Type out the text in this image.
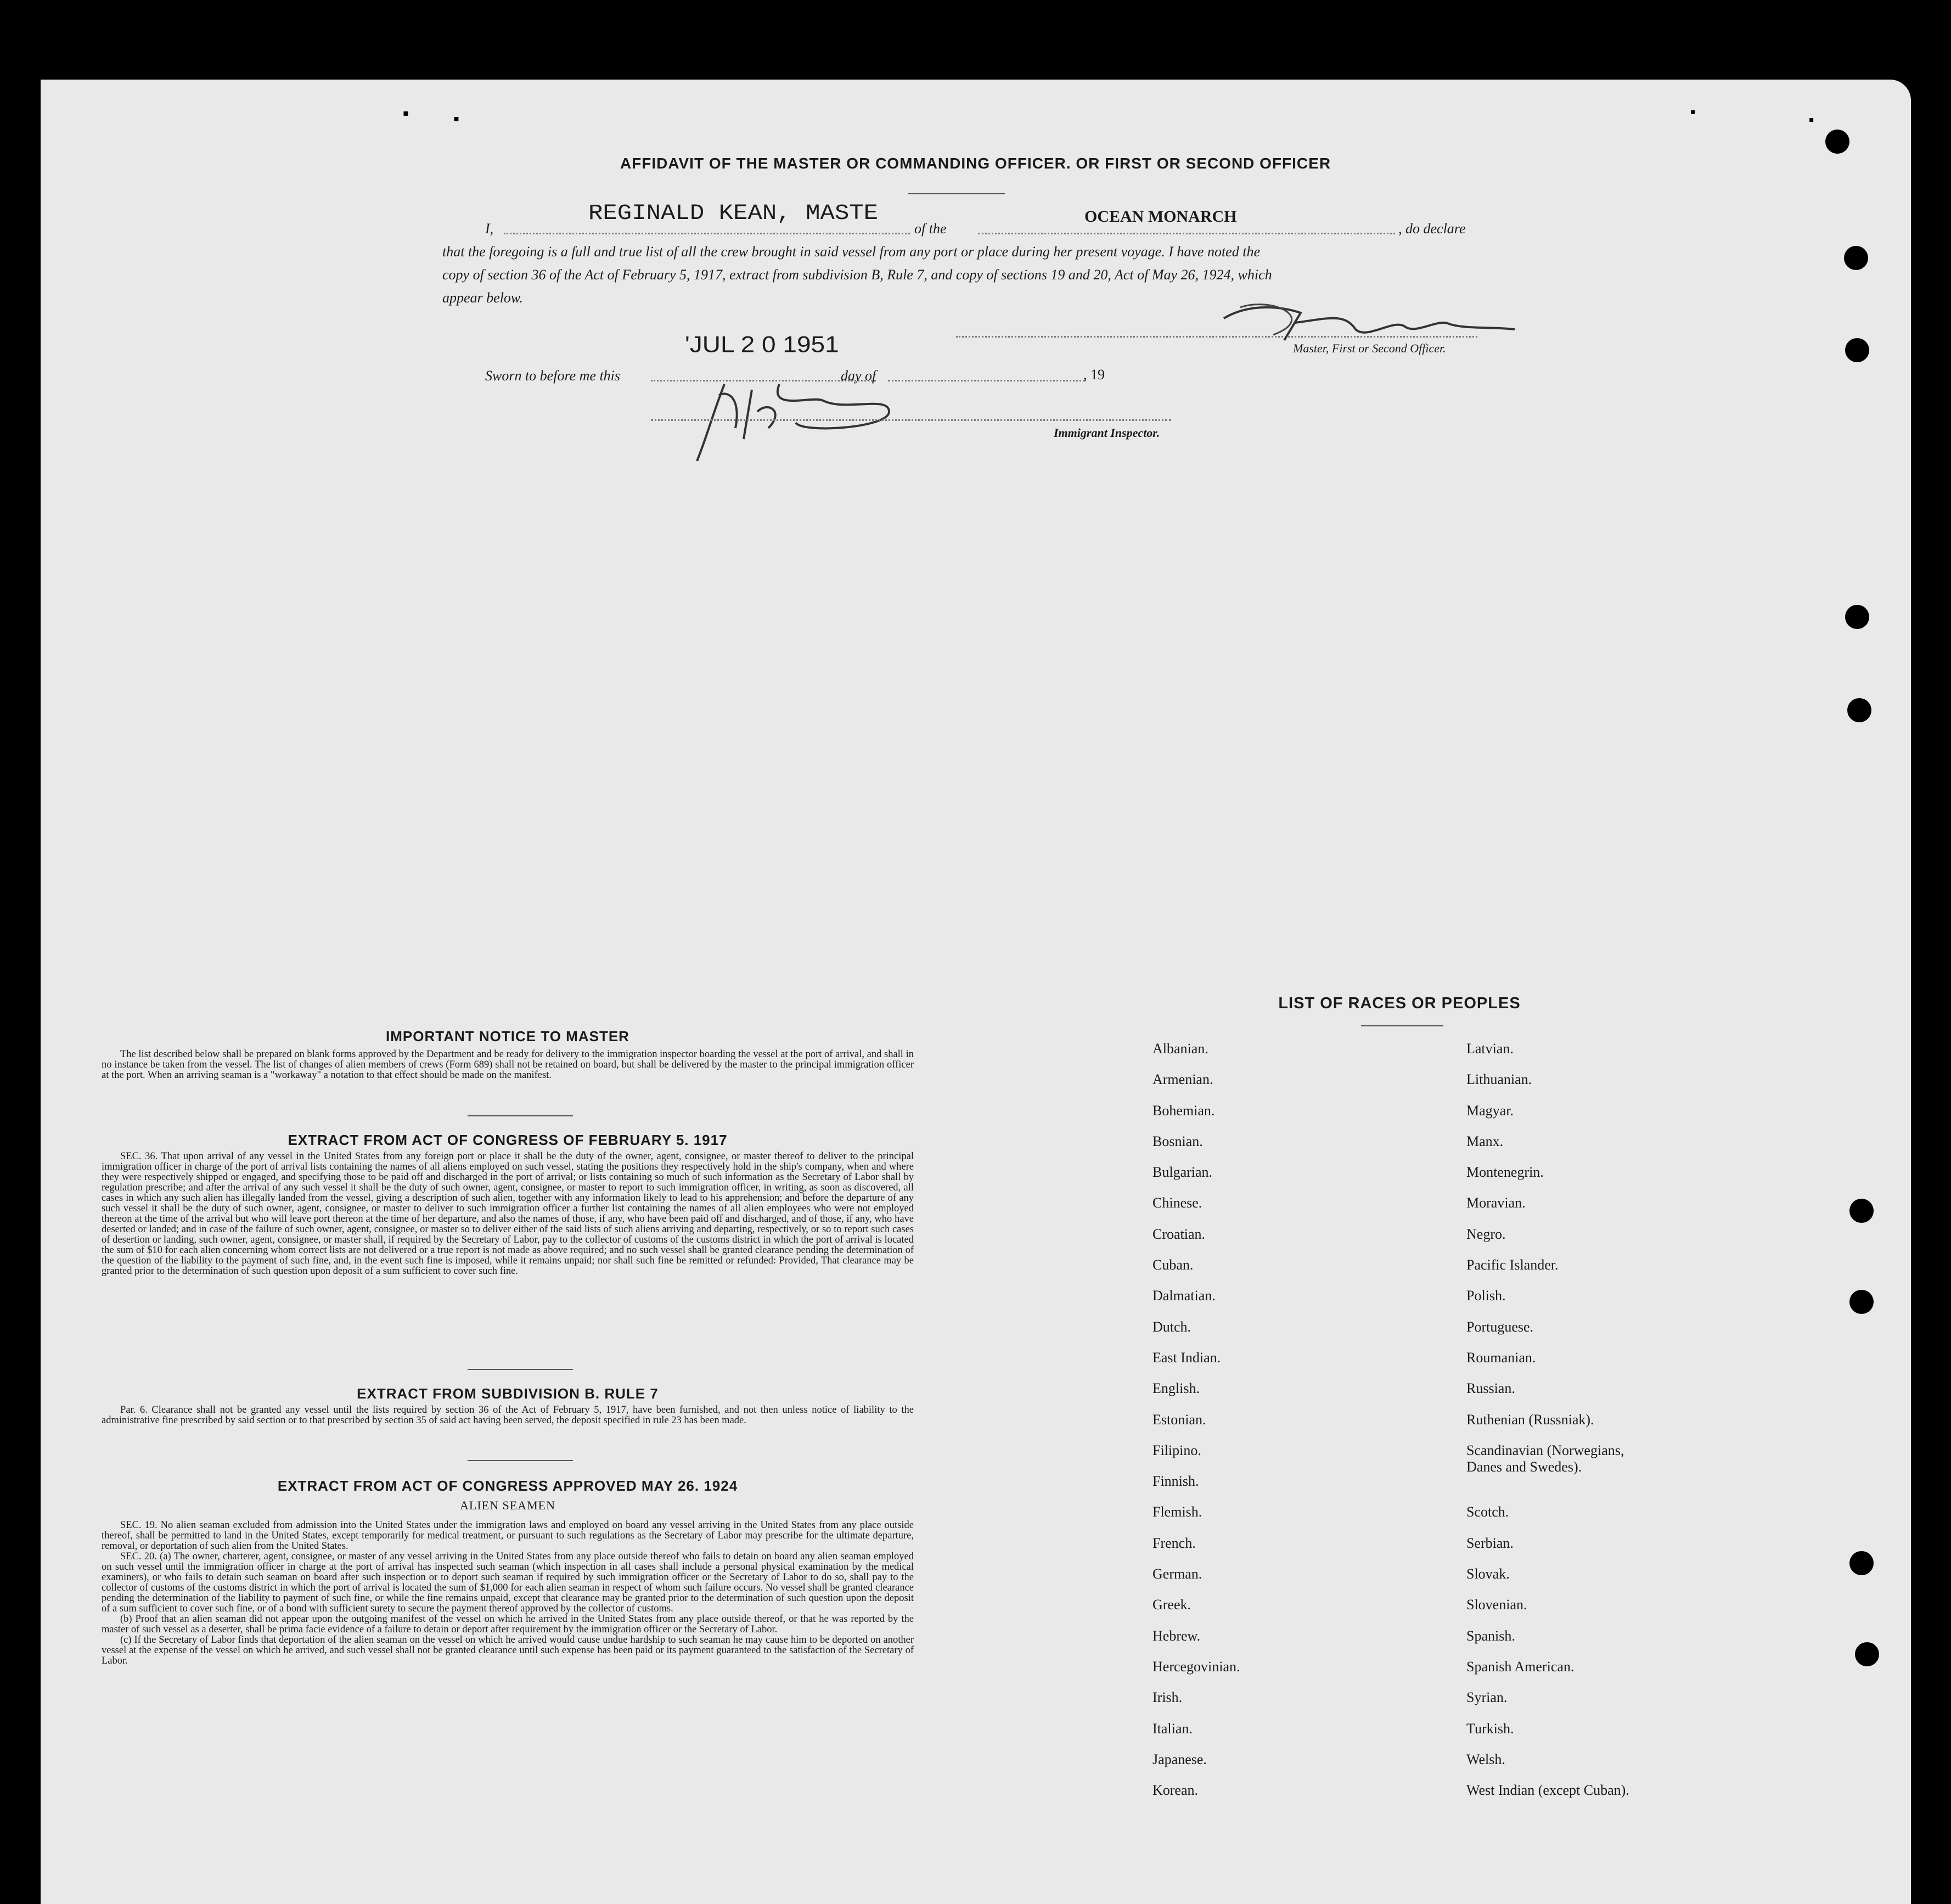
AFFIDAVIT OF THE MASTER OR COMMANDING OFFICER. OR FIRST OR SECOND OFFICER
I,
REGINALD KEAN, MASTE
of the
OCEAN MONARCH
, do declare
that the foregoing is a full and true list of all the crew brought in said vessel from any port or place during her present voyage. I have noted the
copy of section 36 of the Act of February 5, 1917, extract from subdivision B, Rule 7, and copy of sections 19 and 20, Act of May 26, 1924, which
appear below.
Master, First or Second Officer.
'JUL 2 0 1951
Sworn to before me this	day of	, 19
Immigrant Inspector.
IMPORTANT NOTICE TO MASTER

The list described below shall be prepared on blank forms approved by the Department and be ready for delivery to the immigration inspector boarding the vessel at the port of arrival, and shall in no instance be taken from the vessel. The list of changes of alien members of crews (Form 689) shall not be retained on board, but shall be delivered by the master to the principal immigration officer at the port. When an arriving seaman is a "workaway" a notation to that effect should be made on the manifest.

EXTRACT FROM ACT OF CONGRESS OF FEBRUARY 5. 1917

SEC. 36. That upon arrival of any vessel in the United States from any foreign port or place it shall be the duty of the owner, agent, consignee, or master thereof to deliver to the principal immigration officer in charge of the port of arrival lists containing the names of all aliens employed on such vessel, stating the positions they respectively hold in the ship's company, when and where they were respectively shipped or engaged, and specifying those to be paid off and discharged in the port of arrival; or lists containing so much of such information as the Secretary of Labor shall by regulation prescribe; and after the arrival of any such vessel it shall be the duty of such owner, agent, consignee, or master to report to such immigration officer, in writing, as soon as discovered, all cases in which any such alien has illegally landed from the vessel, giving a description of such alien, together with any information likely to lead to his apprehension; and before the departure of any such vessel it shall be the duty of such owner, agent, consignee, or master to deliver to such immigration officer a further list containing the names of all alien employees who were not employed thereon at the time of the arrival but who will leave port thereon at the time of her departure, and also the names of those, if any, who have been paid off and discharged, and of those, if any, who have deserted or landed; and in case of the failure of such owner, agent, consignee, or master so to deliver either of the said lists of such aliens arriving and departing, respectively, or so to report such cases of desertion or landing, such owner, agent, consignee, or master shall, if required by the Secretary of Labor, pay to the collector of customs of the customs district in which the port of arrival is located the sum of $10 for each alien concerning whom correct lists are not delivered or a true report is not made as above required; and no such vessel shall be granted clearance pending the determination of the question of the liability to the payment of such fine, and, in the event such fine is imposed, while it remains unpaid; nor shall such fine be remitted or refunded: Provided, That clearance may be granted prior to the determination of such question upon deposit of a sum sufficient to cover such fine.

EXTRACT FROM SUBDIVISION B. RULE 7

Par. 6. Clearance shall not be granted any vessel until the lists required by section 36 of the Act of February 5, 1917, have been furnished, and not then unless notice of liability to the administrative fine prescribed by said section or to that prescribed by section 35 of said act having been served, the deposit specified in rule 23 has been made.

EXTRACT FROM ACT OF CONGRESS APPROVED MAY 26. 1924
ALIEN SEAMEN

SEC. 19. No alien seaman excluded from admission into the United States under the immigration laws and employed on board any vessel arriving in the United States from any place outside thereof, shall be permitted to land in the United States, except temporarily for medical treatment, or pursuant to such regulations as the Secretary of Labor may prescribe for the ultimate departure, removal, or deportation of such alien from the United States.

SEC. 20. (a) The owner, charterer, agent, consignee, or master of any vessel arriving in the United States from any place outside thereof who fails to detain on board any alien seaman employed on such vessel until the immigration officer in charge at the port of arrival has inspected such seaman (which inspection in all cases shall include a personal physical examination by the medical examiners), or who fails to detain such seaman on board after such inspection or to deport such seaman if required by such immigration officer or the Secretary of Labor to do so, shall pay to the collector of customs of the customs district in which the port of arrival is located the sum of $1,000 for each alien seaman in respect of whom such failure occurs. No vessel shall be granted clearance pending the determination of the liability to payment of such fine, or while the fine remains unpaid, except that clearance may be granted prior to the determination of such question upon the deposit of a sum sufficient to cover such fine, or of a bond with sufficient surety to secure the payment thereof approved by the collector of customs.

(b) Proof that an alien seaman did not appear upon the outgoing manifest of the vessel on which he arrived in the United States from any place outside thereof, or that he was reported by the master of such vessel as a deserter, shall be prima facie evidence of a failure to detain or deport after requirement by the immigration officer or the Secretary of Labor.

(c) If the Secretary of Labor finds that deportation of the alien seaman on the vessel on which he arrived would cause undue hardship to such seaman he may cause him to be deported on another vessel at the expense of the vessel on which he arrived, and such vessel shall not be granted clearance until such expense has been paid or its payment guaranteed to the satisfaction of the Secretary of Labor.

LIST OF RACES OR PEOPLES
Albanian.
Armenian.
Bohemian.
Bosnian.
Bulgarian.
Chinese.
Croatian.
Cuban.
Dalmatian.
Dutch.
East Indian.
English.
Estonian.
Filipino.
Finnish.
Flemish.
French.
German.
Greek.
Hebrew.
Hercegovinian.
Irish.
Italian.
Japanese.
Korean.
Latvian.
Lithuanian.
Magyar.
Manx.
Montenegrin.
Moravian.
Negro.
Pacific Islander.
Polish.
Portuguese.
Roumanian.
Russian.
Ruthenian (Russniak).
Scandinavian (Norwegians,
Danes and Swedes).
Scotch.
Serbian.
Slovak.
Slovenian.
Spanish.
Spanish American.
Syrian.
Turkish.
Welsh.
West Indian (except Cuban).
▪
▪
▪
▪
